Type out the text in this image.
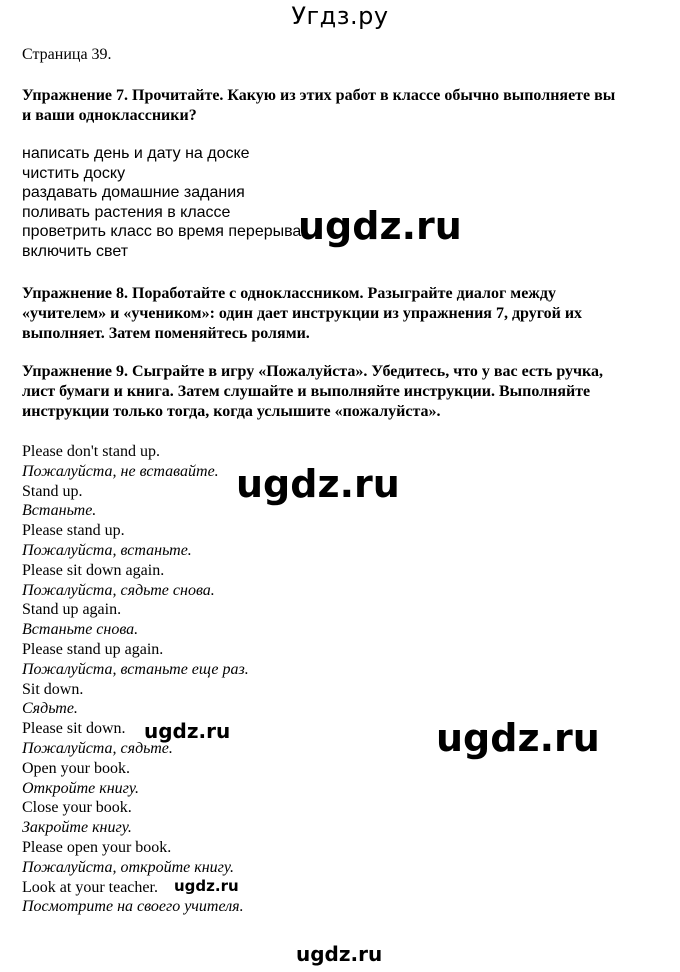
Угдз.ру
Страница 39.

Упражнение 7. Прочитайте. Какую из этих работ в классе обычно выполняете вы и ваши одноклассники?

написать день и дату на доске
чистить доску
раздавать домашние задания
поливать растения в классе
проветрить класс во время перерыва
включить свет

Упражнение 8. Поработайте с одноклассником. Разыграйте диалог между «учителем» и «учеником»: один дает инструкции из упражнения 7, другой их выполняет. Затем поменяйтесь ролями.

Упражнение 9. Сыграйте в игру «Пожалуйста». Убедитесь, что у вас есть ручка, лист бумаги и книга. Затем слушайте и выполняйте инструкции. Выполняйте инструкции только тогда, когда услышите «пожалуйста».

Please don't stand up.
Пожалуйста, не вставайте.
Stand up.
Встаньте.
Please stand up.
Пожалуйста, встаньте.
Please sit down again.
Пожалуйста, сядьте снова.
Stand up again.
Встаньте снова.
Please stand up again.
Пожалуйста, встаньте еще раз.
Sit down.
Сядьте.
Please sit down.
Пожалуйста, сядьте.
Open your book.
Откройте книгу.
Close your book.
Закройте книгу.
Please open your book.
Пожалуйста, откройте книгу.
Look at your teacher.
Посмотрите на своего учителя.
ugdz.ru
ugdz.ru
ugdz.ru
ugdz.ru
ugdz.ru
ugdz.ru
